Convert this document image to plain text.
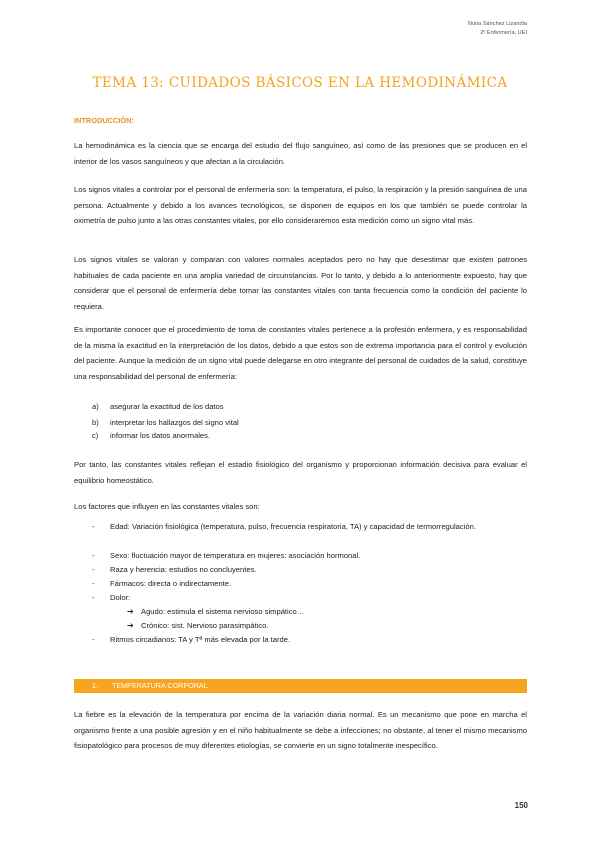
Nuria Sánchez Lizandia
2º Enfermería, UEI
TEMA 13: CUIDADOS BÁSICOS EN LA HEMODINÁMICA
INTRODUCCIÓN:
La hemodinámica es la ciencia que se encarga del estudio del flujo sanguíneo, así como de las presiones que se producen en el interior de los vasos sanguíneos y que afectan a la circulación.
Los signos vitales a controlar por el personal de enfermería son: la temperatura, el pulso, la respiración y la presión sanguínea de una persona. Actualmente y debido a los avances tecnológicos, se disponen de equipos en los que también se puede controlar la oximetría de pulso junto a las otras constantes vitales, por ello consideraremos esta medición como un signo vital más.
Los signos vitales se valoran y comparan con valores normales aceptados pero no hay que desestimar que existen patrones habituales de cada paciente en una amplia variedad de circunstancias. Por lo tanto, y debido a lo anteriormente expuesto, hay que considerar que el personal de enfermería debe tomar las constantes vitales con tanta frecuencia como la condición del paciente lo requiera.
Es importante conocer que el procedimiento de toma de constantes vitales pertenece a la profesión enfermera, y es responsabilidad de la misma la exactitud en la interpretación de los datos, debido a que estos son de extrema importancia para el control y evolución del paciente. Aunque la medición de un signo vital puede delegarse en otro integrante del personal de cuidados de la salud, constituye una responsabilidad del personal de enfermería:
a) asegurar la exactitud de los datos
b) interpretar los hallazgos del signo vital
c) informar los datos anormales.
Por tanto, las constantes vitales reflejan el estadio fisiológico del organismo y proporcionan información decisiva para evaluar el equilibrio homeostático.
Los factores que influyen en las constantes vitales son:
- Edad: Variación fisiológica (temperatura, pulso, frecuencia respiratoria, TA) y capacidad de termorregulación.
- Sexo: fluctuación mayor de temperatura en mujeres: asociación hormonal.
- Raza y herencia: estudios no concluyentes.
- Fármacos: directa o indirectamente.
- Dolor:
➔ Agudo: estimula el sistema nervioso simpático…
➔ Crónico: sist. Nervioso parasimpático.
- Ritmos circadianos: TA y Tª más elevada por la tarde.
1. TEMPERATURA CORPORAL
La fiebre es la elevación de la temperatura por encima de la variación diaria normal. Es un mecanismo que pone en marcha el organismo frente a una posible agresión y en el niño habitualmente se debe a infecciones; no obstante, al tener el mismo mecanismo fisiopatológico para procesos de muy diferentes etiologías, se convierte en un signo totalmente inespecífico.
150
